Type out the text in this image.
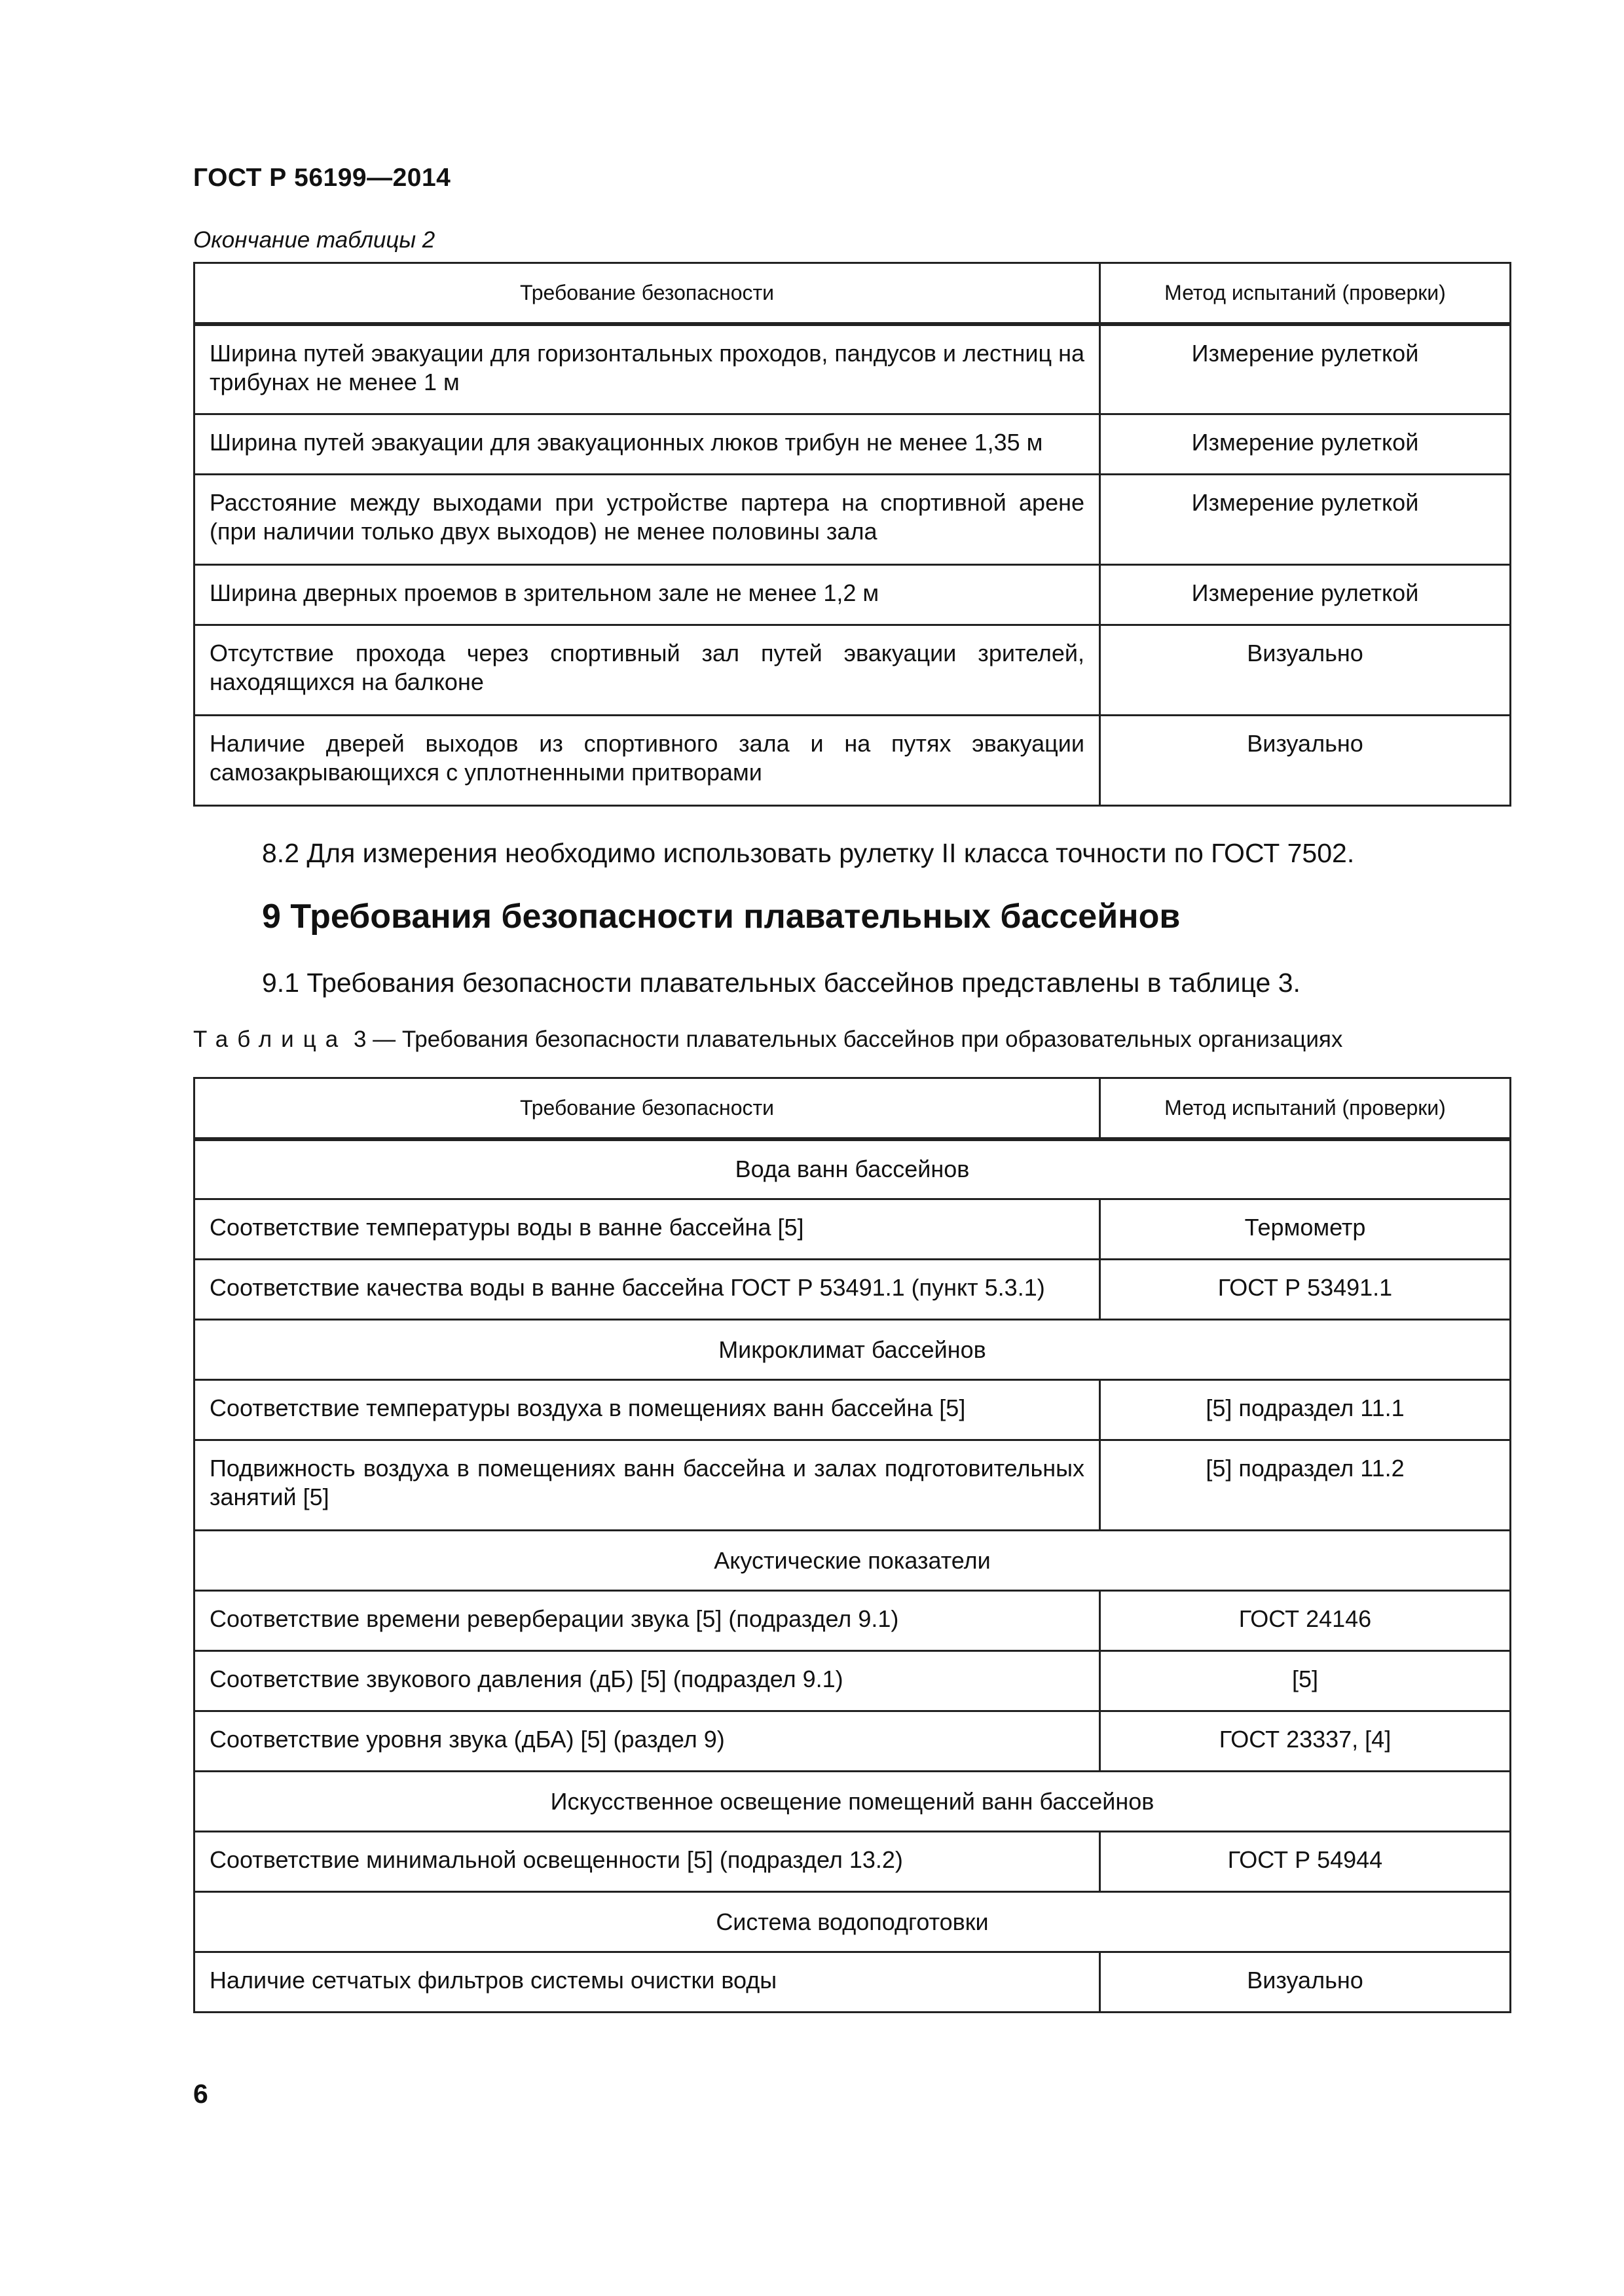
ГОСТ Р 56199—2014
Окончание таблицы 2
Требование безопасности	Метод испытаний (проверки)
Ширина путей эвакуации для горизонтальных проходов, пандусов и лестниц на трибунах не менее 1 м	Измерение рулеткой
Ширина путей эвакуации для эвакуационных люков трибун не менее 1,35 м	Измерение рулеткой
Расстояние между выходами при устройстве партера на спортивной арене (при наличии только двух выходов) не менее половины зала	Измерение рулеткой
Ширина дверных проемов в зрительном зале не менее 1,2 м	Измерение рулеткой
Отсутствие прохода через спортивный зал путей эвакуации зрителей, находящихся на балконе	Визуально
Наличие дверей выходов из спортивного зала и на путях эвакуации самозакрывающихся с уплотненными притворами	Визуально
8.2 Для измерения необходимо использовать рулетку II класса точности по ГОСТ 7502.
9 Требования безопасности плавательных бассейнов
9.1 Требования безопасности плавательных бассейнов представлены в таблице 3.
Таблица 3 — Требования безопасности плавательных бассейнов при образовательных организациях
Требование безопасности	Метод испытаний (проверки)
Вода ванн бассейнов	
Соответствие температуры воды в ванне бассейна [5]	Термометр
Соответствие качества воды в ванне бассейна ГОСТ Р 53491.1 (пункт 5.3.1)	ГОСТ Р 53491.1
Микроклимат бассейнов	
Соответствие температуры воздуха в помещениях ванн бассейна [5]	[5] подраздел 11.1
Подвижность воздуха в помещениях ванн бассейна и залах подготовительных занятий [5]	[5] подраздел 11.2
Акустические показатели	
Соответствие времени реверберации звука [5] (подраздел 9.1)	ГОСТ 24146
Соответствие звукового давления (дБ) [5] (подраздел 9.1)	[5]
Соответствие уровня звука (дБА) [5] (раздел 9)	ГОСТ 23337, [4]
Искусственное освещение помещений ванн бассейнов	
Соответствие минимальной освещенности [5] (подраздел 13.2)	ГОСТ Р 54944
Система водоподготовки	
Наличие сетчатых фильтров системы очистки воды	Визуально
6
